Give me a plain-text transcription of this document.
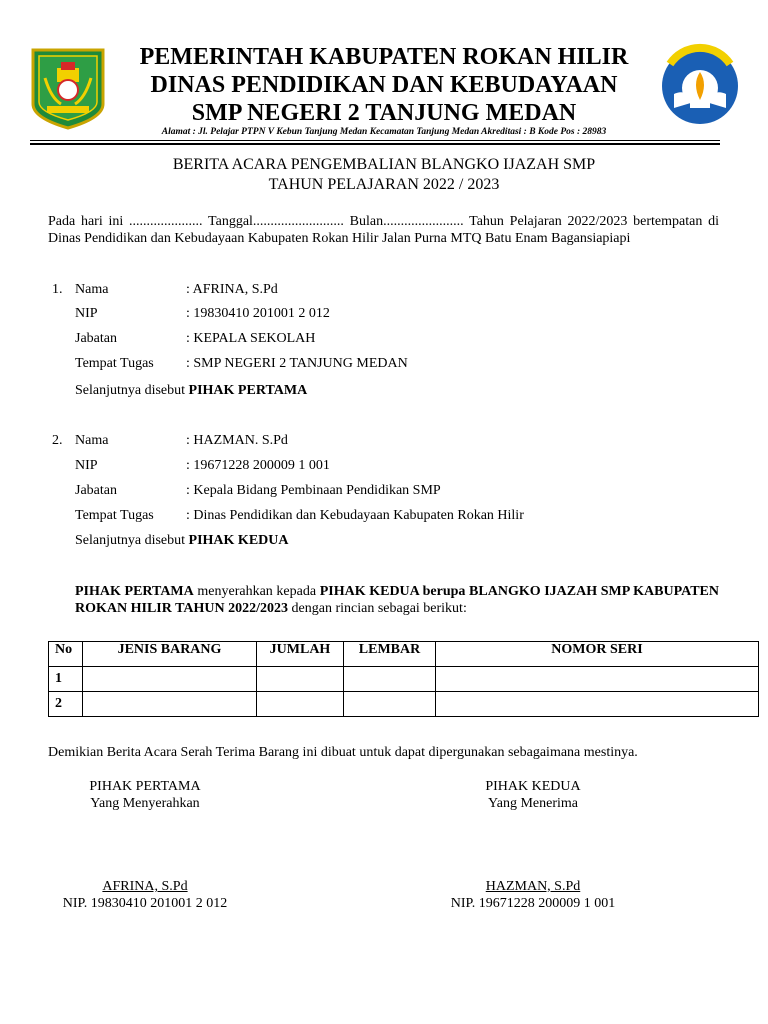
PEMERINTAH KABUPATEN ROKAN HILIR
DINAS PENDIDIKAN DAN KEBUDAYAAN
SMP NEGERI 2 TANJUNG MEDAN
Alamat : Jl. Pelajar PTPN V Kebun Tanjung Medan Kecamatan Tanjung Medan Akreditasi : B Kode Pos : 28983
BERITA ACARA PENGEMBALIAN BLANGKO IJAZAH SMP
TAHUN PELAJARAN 2022 / 2023
Pada hari ini ..................... Tanggal.......................... Bulan....................... Tahun Pelajaran 2022/2023 bertempatan di Dinas Pendidikan dan Kebudayaan Kabupaten Rokan Hilir Jalan Purna MTQ Batu Enam Bagansiapiapi
1. Nama	: AFRINA, S.Pd
NIP	: 19830410 201001 2 012
Jabatan	: KEPALA SEKOLAH
Tempat Tugas : SMP NEGERI 2 TANJUNG MEDAN
Selanjutnya disebut PIHAK PERTAMA
2. Nama	: HAZMAN. S.Pd
NIP	: 19671228 200009 1 001
Jabatan	: Kepala Bidang Pembinaan Pendidikan SMP
Tempat Tugas : Dinas Pendidikan dan Kebudayaan Kabupaten Rokan Hilir
Selanjutnya disebut PIHAK KEDUA
PIHAK PERTAMA menyerahkan kepada PIHAK KEDUA berupa BLANGKO IJAZAH SMP KABUPATEN ROKAN HILIR TAHUN 2022/2023 dengan rincian sebagai berikut:
No	JENIS BARANG	JUMLAH	LEMBAR	NOMOR SERI
1				
2				
Demikian Berita Acara Serah Terima Barang ini dibuat untuk dapat dipergunakan sebagaimana mestinya.
PIHAK PERTAMA
Yang Menyerahkan
AFRINA, S.Pd
NIP. 19830410 201001 2 012
PIHAK KEDUA
Yang Menerima
HAZMAN, S.Pd
NIP. 19671228 200009 1 001
